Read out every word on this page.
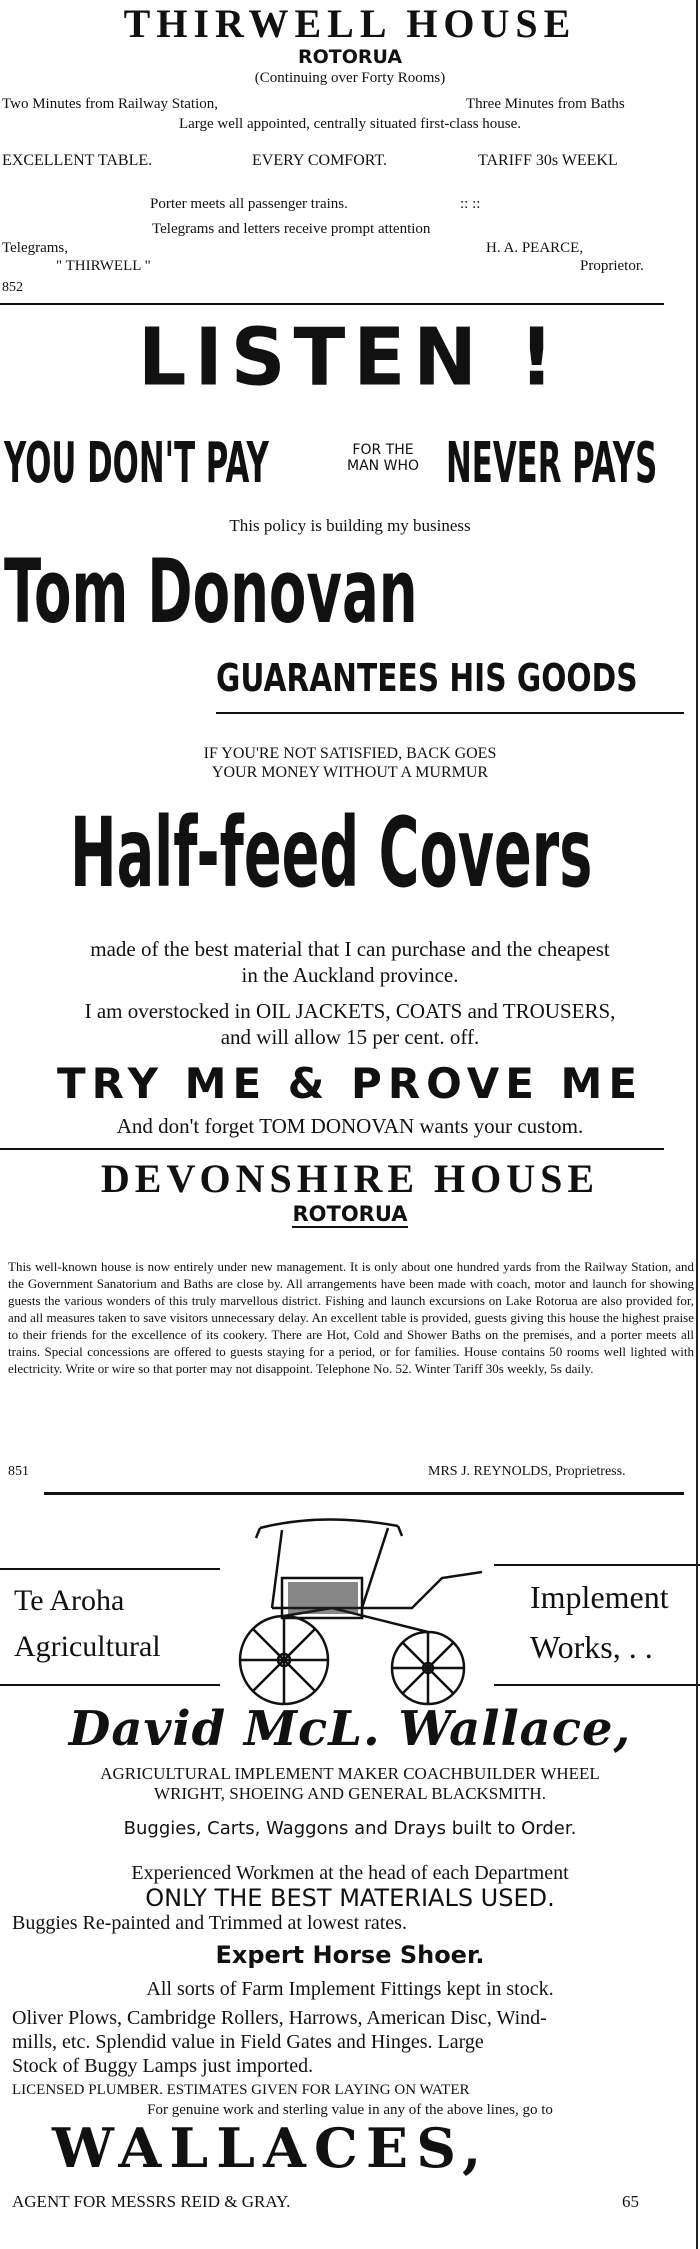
THIRWELL HOUSE
ROTORUA
(Continuing over Forty Rooms)
Two Minutes from Railway Station,	Three Minutes from Baths
Large well appointed, centrally situated first-class house.
EXCELLENT TABLE.	EVERY COMFORT.	TARIFF 30s WEEKL
Porter meets all passenger trains.	:: ::
Telegrams and letters receive prompt attention
Telegrams,	H. A. PEARCE,
" THIRWELL "	Proprietor.
852
LISTEN !
YOU DON'T PAY	FOR THE
MAN WHO NEVER PAYS
This policy is building my business
Tom Donovan
GUARANTEES HIS GOODS
IF YOU'RE NOT SATISFIED, BACK GOES
YOUR MONEY WITHOUT A MURMUR
Half-feed Covers
made of the best material that I can purchase and the cheapest
in the Auckland province.
I am overstocked in OIL JACKETS, COATS and TROUSERS,
and will allow 15 per cent. off.
TRY ME & PROVE ME
And don't forget TOM DONOVAN wants your custom.
DEVONSHIRE HOUSE
ROTORUA
This well-known house is now entirely under new management. It is only about one hundred yards from the Railway Station, and the Government Sanatorium and Baths are close by. All arrangements have been made with coach, motor and launch for showing guests the various wonders of this truly marvellous district. Fishing and launch excursions on Lake Rotorua are also provided for, and all measures taken to save visitors unnecessary delay. An excellent table is provided, guests giving this house the highest praise to their friends for the excellence of its cookery. There are Hot, Cold and Shower Baths on the premises, and a porter meets all trains. Special concessions are offered to guests staying for a period, or for families. House contains 50 rooms well lighted with electricity. Write or wire so that porter may not disappoint. Telephone No. 52. Winter Tariff 30s weekly, 5s daily.
851	MRS J. REYNOLDS, Proprietress.
Te Aroha
Agricultural
Implement
Works, . .
David McL. Wallace,
AGRICULTURAL IMPLEMENT MAKER COACHBUILDER WHEEL
WRIGHT, SHOEING AND GENERAL BLACKSMITH.
Buggies, Carts, Waggons and Drays built to Order.
Experienced Workmen at the head of each Department
ONLY THE BEST MATERIALS USED.
Buggies Re-painted and Trimmed at lowest rates.
Expert Horse Shoer.
All sorts of Farm Implement Fittings kept in stock.
Oliver Plows, Cambridge Rollers, Harrows, American Disc, Wind-
mills, etc. Splendid value in Field Gates and Hinges. Large
Stock of Buggy Lamps just imported.
LICENSED PLUMBER. ESTIMATES GIVEN FOR LAYING ON WATER
For genuine work and sterling value in any of the above lines, go to
WALLACES,
AGENT FOR MESSRS REID & GRAY.	65
